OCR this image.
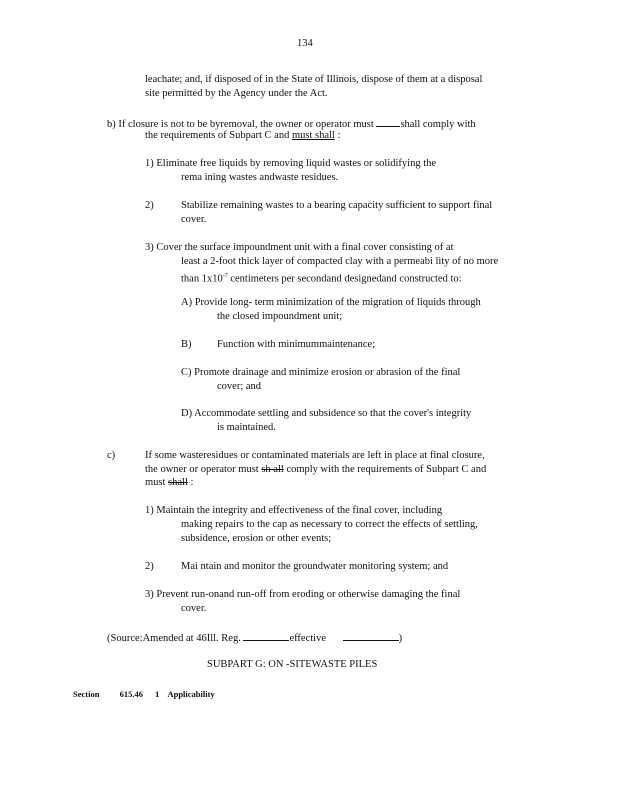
134
leachate; and, if disposed of in the State of Illinois, dispose of them at a disposal
site permitted by the Agency under the Act.
b) If closure is not to be byremoval, the owner or operator must	shall comply with
the requirements of Subpart C and must shall :
1) Eliminate free liquids by removing liquid wastes or solidifying the
rema ining wastes andwaste residues.
2)	Stabilize remaining wastes to a bearing capacity sufficient to support final
cover.
3) Cover the surface impoundment unit with a final cover consisting of at
least a 2-foot thick layer of compacted clay with a permeabi lity of no more
than $1x10^{-7}$ centimeters per secondand designedand constructed to:
A) Provide long- term minimization of the migration of liquids through
the closed impoundment unit;
B) Function with minimummaintenance;
C) Promote drainage and minimize erosion or abrasion of the final
cover; and
D) Accommodate settling and subsidence so that the cover's integrity
is maintained.
c)	If some wasteresidues or contaminated materials are left in place at final closure,
the owner or operator must sh all comply with the requirements of Subpart C and
must shall :
1) Maintain the integrity and effectiveness of the final cover, including
making repairs to the cap as necessary to correct the effects of settling,
subsidence, erosion or other events;
2)	Mai ntain and monitor the groundwater monitoring system; and
3) Prevent run-onand run-off from eroding or otherwise damaging the final
cover.
(Source:Amended at 46Ill. Reg.	effective	)
SUBPART G: ON -SITEWASTE PILES
Section 615.46 1 Applicability
